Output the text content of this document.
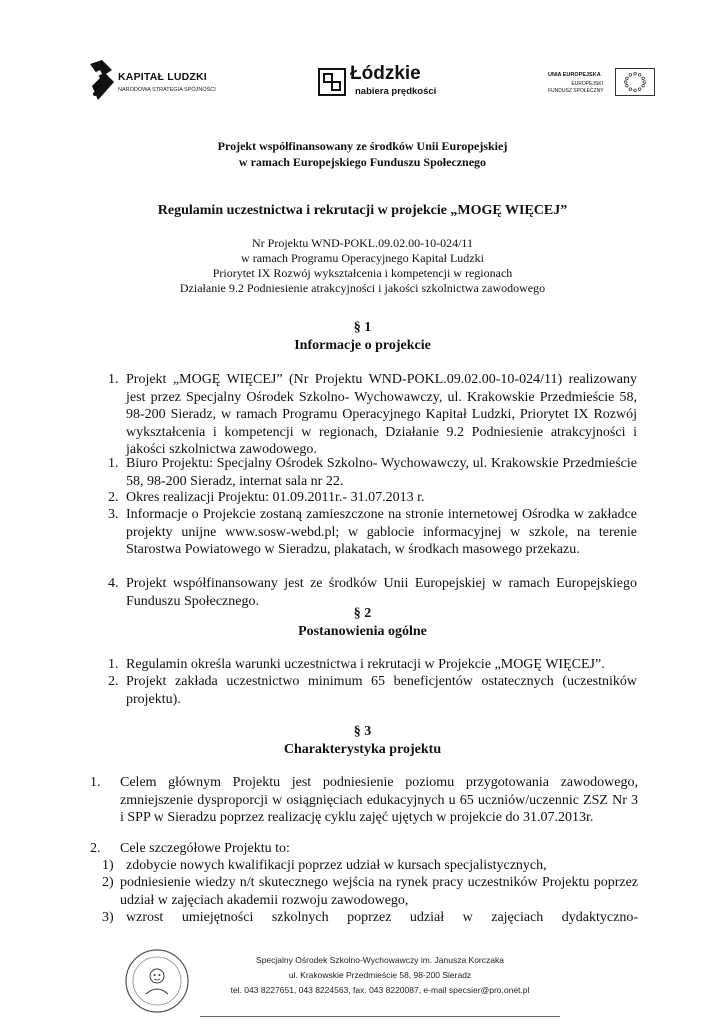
KAPITAŁ LUDZKI
NARODOWA STRATEGIA SPÓJNOŚCI
Łódzkie
nabiera prędkości
UNIA EUROPEJSKA
EUROPEJSKI
FUNDUSZ SPOŁECZNY
Projekt współfinansowany ze środków Unii Europejskiej
w ramach Europejskiego Funduszu Społecznego
Regulamin uczestnictwa i rekrutacji w projekcie „MOGĘ WIĘCEJ”
Nr Projektu WND-POKL.09.02.00-10-024/11
w ramach Programu Operacyjnego Kapitał Ludzki
Priorytet IX Rozwój wykształcenia i kompetencji w regionach
Działanie 9.2 Podniesienie atrakcyjności i jakości szkolnictwa zawodowego
§ 1
Informacje o projekcie
1. Projekt „MOGĘ WIĘCEJ” (Nr Projektu WND-POKL.09.02.00-10-024/11) realizowany jest przez Specjalny Ośrodek Szkolno- Wychowawczy, ul. Krakowskie Przedmieście 58, 98-200 Sieradz, w ramach Programu Operacyjnego Kapitał Ludzki, Priorytet IX Rozwój wykształcenia i kompetencji w regionach, Działanie 9.2 Podniesienie atrakcyjności i jakości szkolnictwa zawodowego.
1. Biuro Projektu: Specjalny Ośrodek Szkolno- Wychowawczy, ul. Krakowskie Przedmieście 58, 98-200 Sieradz, internat sala nr 22.
2. Okres realizacji Projektu: 01.09.2011r.- 31.07.2013 r.
3. Informacje o Projekcie zostaną zamieszczone na stronie internetowej Ośrodka w zakładce projekty unijne www.sosw-webd.pl; w gablocie informacyjnej w szkole, na terenie Starostwa Powiatowego w Sieradzu, plakatach, w środkach masowego przekazu.
4. Projekt współfinansowany jest ze środków Unii Europejskiej w ramach Europejskiego Funduszu Społecznego.
§ 2
Postanowienia ogólne
1. Regulamin określa warunki uczestnictwa i rekrutacji w Projekcie „MOGĘ WIĘCEJ”.
2. Projekt zakłada uczestnictwo minimum 65 beneficjentów ostatecznych (uczestników projektu).
§ 3
Charakterystyka projektu
1. Celem głównym Projektu jest podniesienie poziomu przygotowania zawodowego, zmniejszenie dysproporcji w osiągnięciach edukacyjnych u 65 uczniów/uczennic ZSZ Nr 3 i SPP w Sieradzu poprzez realizację cyklu zajęć ujętych w projekcie do 31.07.2013r.
2. Cele szczegółowe Projektu to:
1) zdobycie nowych kwalifikacji poprzez udział w kursach specjalistycznych,
2) podniesienie wiedzy n/t skutecznego wejścia na rynek pracy uczestników Projektu poprzez udział w zajęciach akademii rozwoju zawodowego,
3) wzrost umiejętności szkolnych poprzez udział w zajęciach dydaktyczno-
Specjalny Ośrodek Szkolno-Wychowawczy im. Janusza Korczaka
ul. Krakowskie Przedmieście 58, 98-200 Sieradz
tel. 043 8227651, 043 8224563, fax. 043 8220087, e-mail specsier@pro.onet.pl
